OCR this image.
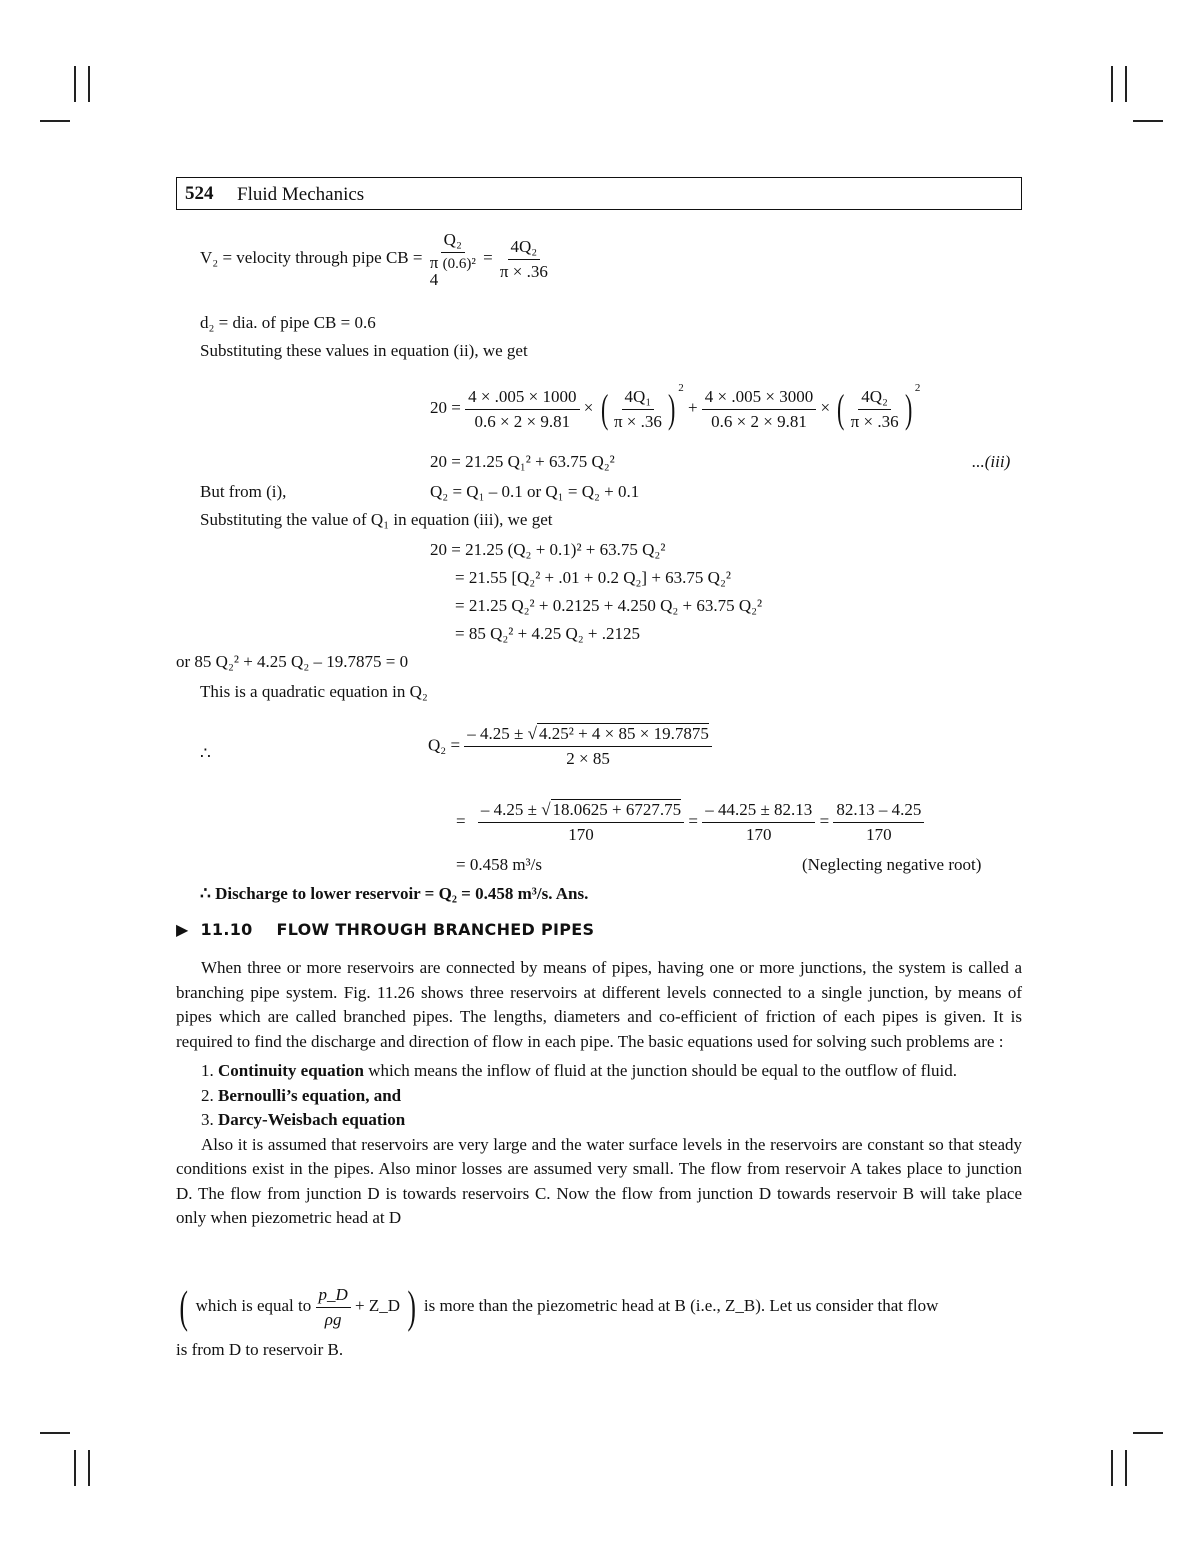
524 Fluid Mechanics
V₂ = velocity through pipe CB =
Q₂
π (0.6)²
4
= $\frac{\text{4Q₂}}{\pi \times .36}$
d₂ = dia. of pipe CB = 0.6
Substituting these values in equation (ii), we get
$20 = \frac{4 \times .005 \times 1000}{0.6 \times 2 \times 9.81}$ × ( $\frac{\text{4Q₁}}{\pi \times .36}$ ) $^2 + \frac{4 \times .005 \times 3000}{0.6 \times 2 \times 9.81}$ × ( $\frac{\text{4Q₂}}{\pi \times .36}$ ) $^2$
20 = 21.25 Q₁² + 63.75 Q₂²	...(iii)
But from (i),	Q₂ = Q₁ – 0.1 or Q₁ = Q₂ + 0.1
Substituting the value of Q₁ in equation (iii), we get
20 = 21.25 (Q₂ + 0.1)² + 63.75 Q₂²
= 21.55 [Q₂² + .01 + 0.2 Q₂] + 63.75 Q₂²
= 21.25 Q₂² + 0.2125 + 4.250 Q₂ + 63.75 Q₂²
= 85 Q₂² + 4.25 Q₂ + .2125
or 85 Q₂² + 4.25 Q₂ – 19.7875 = 0
This is a quadratic equation in Q₂
∴	$Q_2 = \frac{\text{– 4.25 ± √ 4.25² + 4 × 85 × 19.7875}}{2 \times 85}$
= $\frac{- 4.25 \pm √ 18.0625 + 6727.75}{170} = \frac{- 44.25 \pm 82.13}{170} = \frac{82.13 - 4.25}{170}$
= 0.458 m³/s	(Neglecting negative root)
∴ Discharge to lower reservoir = Q₂ = 0.458 m³/s. Ans.
▶ 11.10 FLOW THROUGH BRANCHED PIPES

When three or more reservoirs are connected by means of pipes, having one or more junctions, the system is called a branching pipe system. Fig. 11.26 shows three reservoirs at different levels connected to a single junction, by means of pipes which are called branched pipes. The lengths, diameters and co-efficient of friction of each pipes is given. It is required to find the discharge and direction of flow in each pipe. The basic equations used for solving such problems are :

1. Continuity equation which means the inflow of fluid at the junction should be equal to the outflow of fluid.
2. Bernoulli’s equation, and
3. Darcy-Weisbach equation

Also it is assumed that reservoirs are very large and the water surface levels in the reservoirs are constant so that steady conditions exist in the pipes. Also minor losses are assumed very small. The flow from reservoir A takes place to junction D. The flow from junction D is towards reservoirs C. Now the flow from junction D towards reservoir B will take place only when piezometric head at D

( which is equal to $\frac{p\_D}{\rho g}$ + Z_D ) is more than the piezometric head at B (i.e., Z_B). Let us consider that flow
is from D to reservoir B.
